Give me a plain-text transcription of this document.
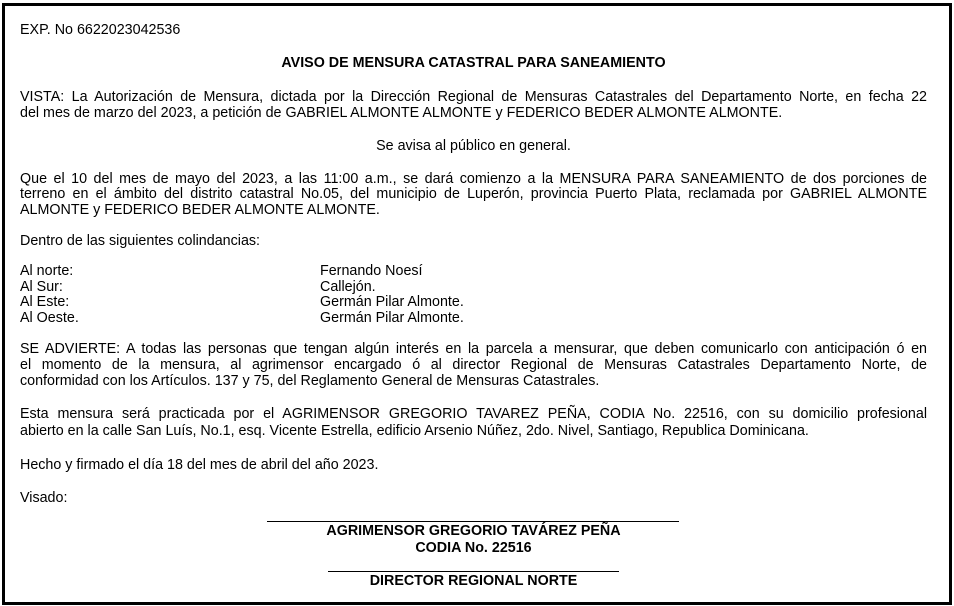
EXP. No 6622023042536
AVISO DE MENSURA CATASTRAL PARA SANEAMIENTO
VISTA: La Autorización de Mensura, dictada por la Dirección Regional de Mensuras Catastrales del Departamento Norte, en fecha 22
del mes de marzo del 2023, a petición de GABRIEL ALMONTE ALMONTE y FEDERICO BEDER ALMONTE ALMONTE.
Se avisa al público en general.
Que el 10 del mes de mayo del 2023, a las 11:00 a.m., se dará comienzo a la MENSURA PARA SANEAMIENTO de dos porciones de
terreno en el ámbito del distrito catastral No.05, del municipio de Luperón, provincia Puerto Plata, reclamada por GABRIEL ALMONTE
ALMONTE y FEDERICO BEDER ALMONTE ALMONTE.
Dentro de las siguientes colindancias:
Al norte:	Fernando Noesí
Al Sur:	Callejón.
Al Este:	Germán Pilar Almonte.
Al Oeste.	Germán Pilar Almonte.
SE ADVIERTE: A todas las personas que tengan algún interés en la parcela a mensurar, que deben comunicarlo con anticipación ó en
el momento de la mensura, al agrimensor encargado ó al director Regional de Mensuras Catastrales Departamento Norte, de
conformidad con los Artículos. 137 y 75, del Reglamento General de Mensuras Catastrales.
Esta mensura será practicada por el AGRIMENSOR GREGORIO TAVAREZ PEÑA, CODIA No. 22516, con su domicilio profesional
abierto en la calle San Luís, No.1, esq. Vicente Estrella, edificio Arsenio Núñez, 2do. Nivel, Santiago, Republica Dominicana.
Hecho y firmado el día 18 del mes de abril del año 2023.
Visado:
AGRIMENSOR GREGORIO TAVÁREZ PEÑA
CODIA No. 22516
DIRECTOR REGIONAL NORTE
